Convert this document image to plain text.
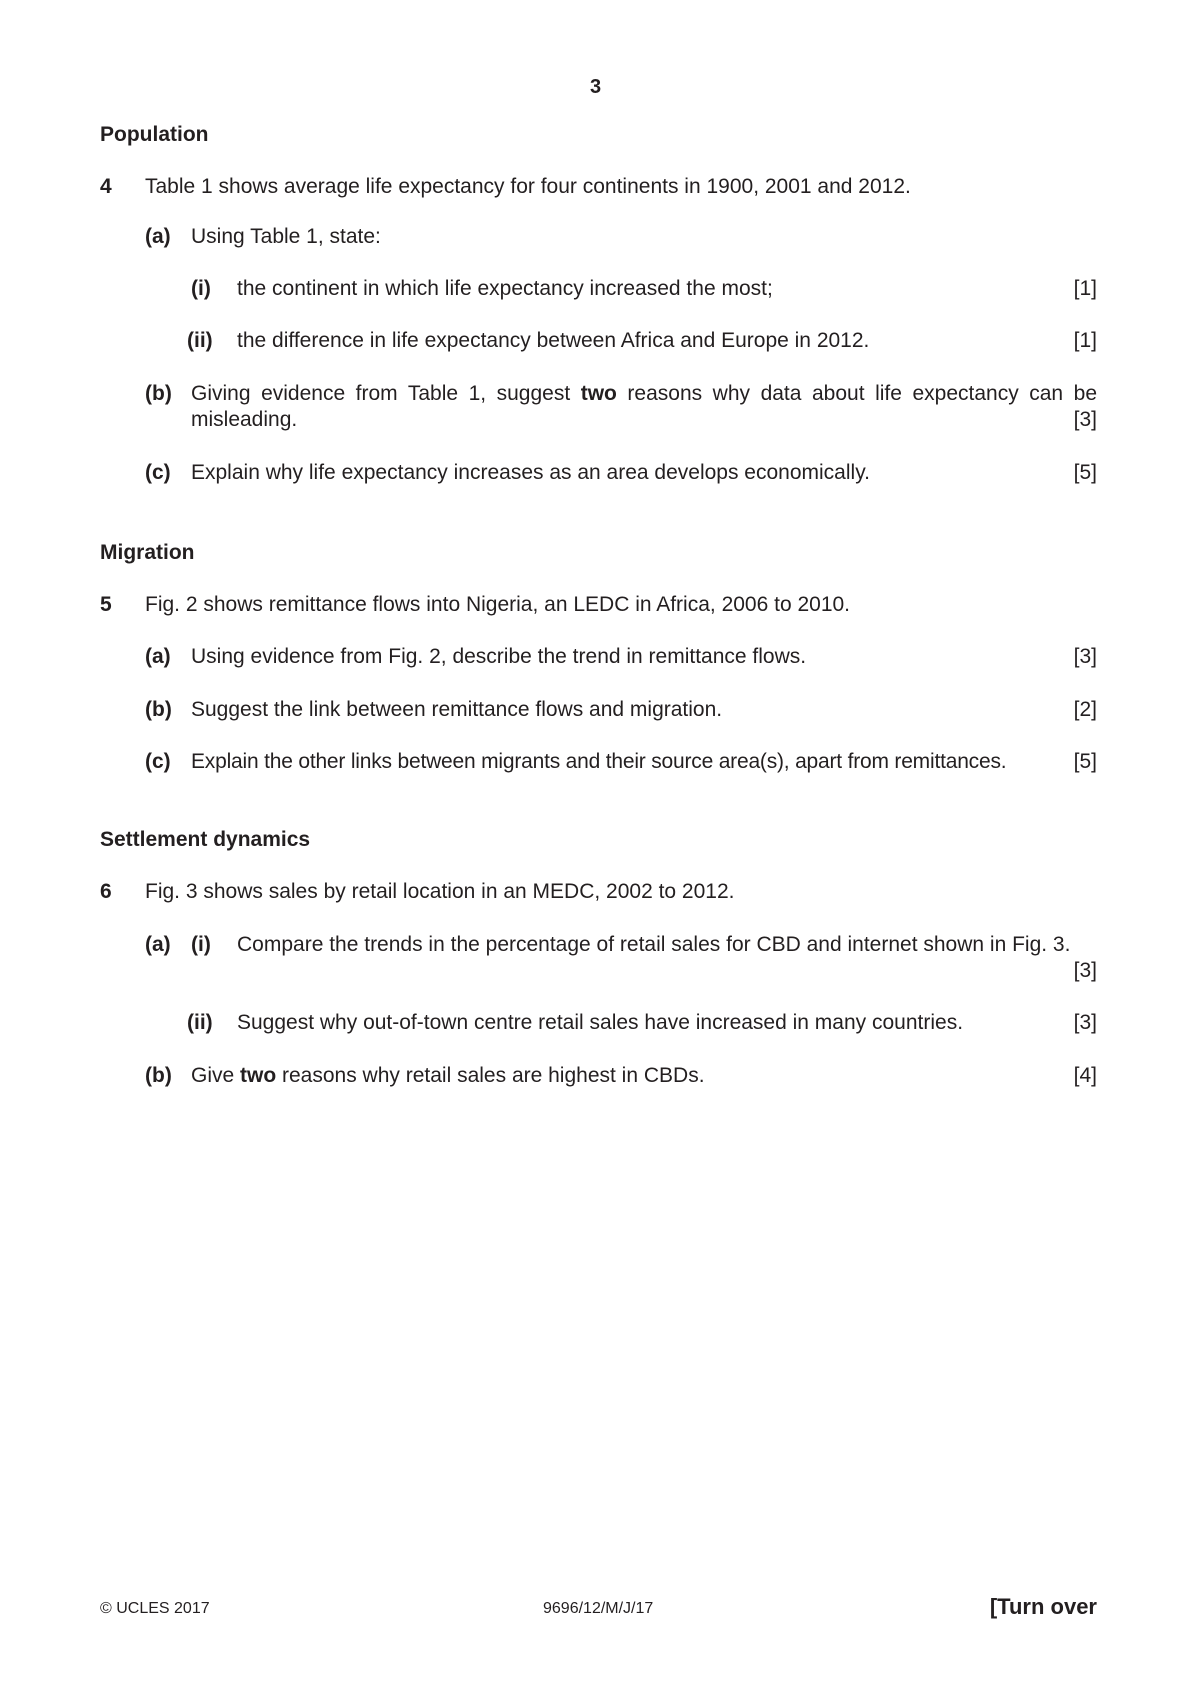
3
Population
4 Table 1 shows average life expectancy for four continents in 1900, 2001 and 2012.
(a) Using Table 1, state:
(i) the continent in which life expectancy increased the most;	[1]
(ii) the difference in life expectancy between Africa and Europe in 2012.	[1]
(b) Giving evidence from Table 1, suggest two reasons why data about life expectancy can be misleading.	[3]
(c) Explain why life expectancy increases as an area develops economically.	[5]
Migration
5 Fig. 2 shows remittance flows into Nigeria, an LEDC in Africa, 2006 to 2010.
(a) Using evidence from Fig. 2, describe the trend in remittance flows.	[3]
(b) Suggest the link between remittance flows and migration.	[2]
(c) Explain the other links between migrants and their source area(s), apart from remittances.	[5]
Settlement dynamics
6 Fig. 3 shows sales by retail location in an MEDC, 2002 to 2012.
(a) (i) Compare the trends in the percentage of retail sales for CBD and internet shown in Fig. 3.
[3]
(ii) Suggest why out-of-town centre retail sales have increased in many countries.	[3]
(b) Give two reasons why retail sales are highest in CBDs.	[4]
© UCLES 2017	9696/12/M/J/17	[Turn over
